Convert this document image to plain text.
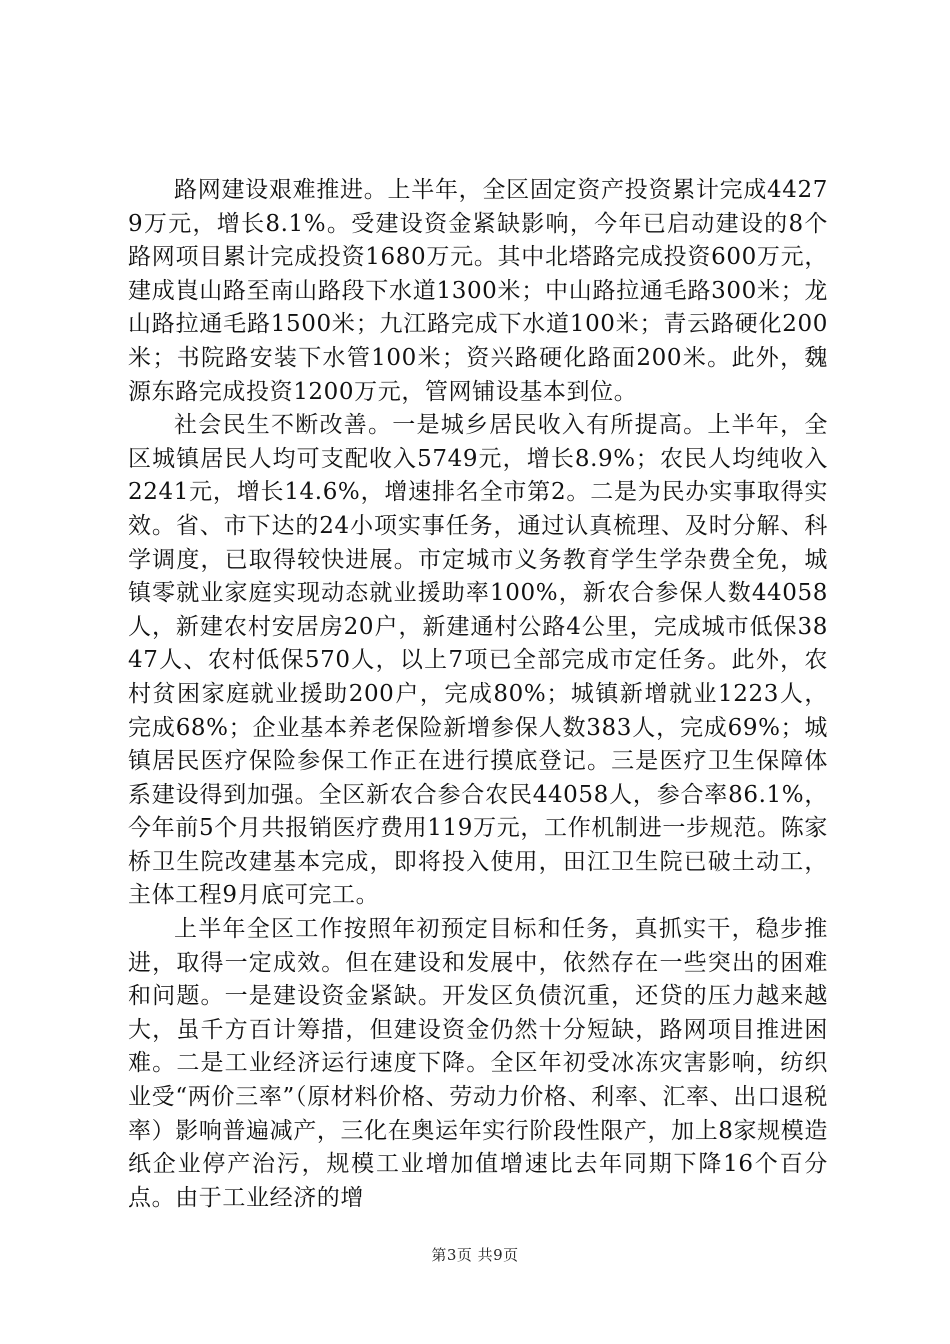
路网建设艰难推进。上半年，全区固定资产投资累计完成44279万元，增长8.1%。受建设资金紧缺影响，今年已启动建设的8个路网项目累计完成投资1680万元。其中北塔路完成投资600万元，建成崀山路至南山路段下水道1300米；中山路拉通毛路300米；龙山路拉通毛路1500米；九江路完成下水道100米；青云路硬化200米；书院路安装下水管100米；资兴路硬化路面200米。此外，魏源东路完成投资1200万元，管网铺设基本到位。

社会民生不断改善。一是城乡居民收入有所提高。上半年，全区城镇居民人均可支配收入5749元，增长8.9%；农民人均纯收入2241元，增长14.6%，增速排名全市第2。二是为民办实事取得实效。省、市下达的24小项实事任务，通过认真梳理、及时分解、科学调度，已取得较快进展。市定城市义务教育学生学杂费全免，城镇零就业家庭实现动态就业援助率100%，新农合参保人数44058人，新建农村安居房20户，新建通村公路4公里，完成城市低保3847人、农村低保570人，以上7项已全部完成市定任务。此外，农村贫困家庭就业援助200户，完成80%；城镇新增就业1223人，完成68%；企业基本养老保险新增参保人数383人，完成69%；城镇居民医疗保险参保工作正在进行摸底登记。三是医疗卫生保障体系建设得到加强。全区新农合参合农民44058人，参合率86.1%，今年前5个月共报销医疗费用119万元，工作机制进一步规范。陈家桥卫生院改建基本完成，即将投入使用，田江卫生院已破土动工，主体工程9月底可完工。

上半年全区工作按照年初预定目标和任务，真抓实干，稳步推进，取得一定成效。但在建设和发展中，依然存在一些突出的困难和问题。一是建设资金紧缺。开发区负债沉重，还贷的压力越来越大，虽千方百计筹措，但建设资金仍然十分短缺，路网项目推进困难。二是工业经济运行速度下降。全区年初受冰冻灾害影响，纺织业受“两价三率”（原材料价格、劳动力价格、利率、汇率、出口退税率）影响普遍减产，三化在奥运年实行阶段性限产，加上8家规模造纸企业停产治污，规模工业增加值增速比去年同期下降16个百分点。由于工业经济的增

第3页 共9页
